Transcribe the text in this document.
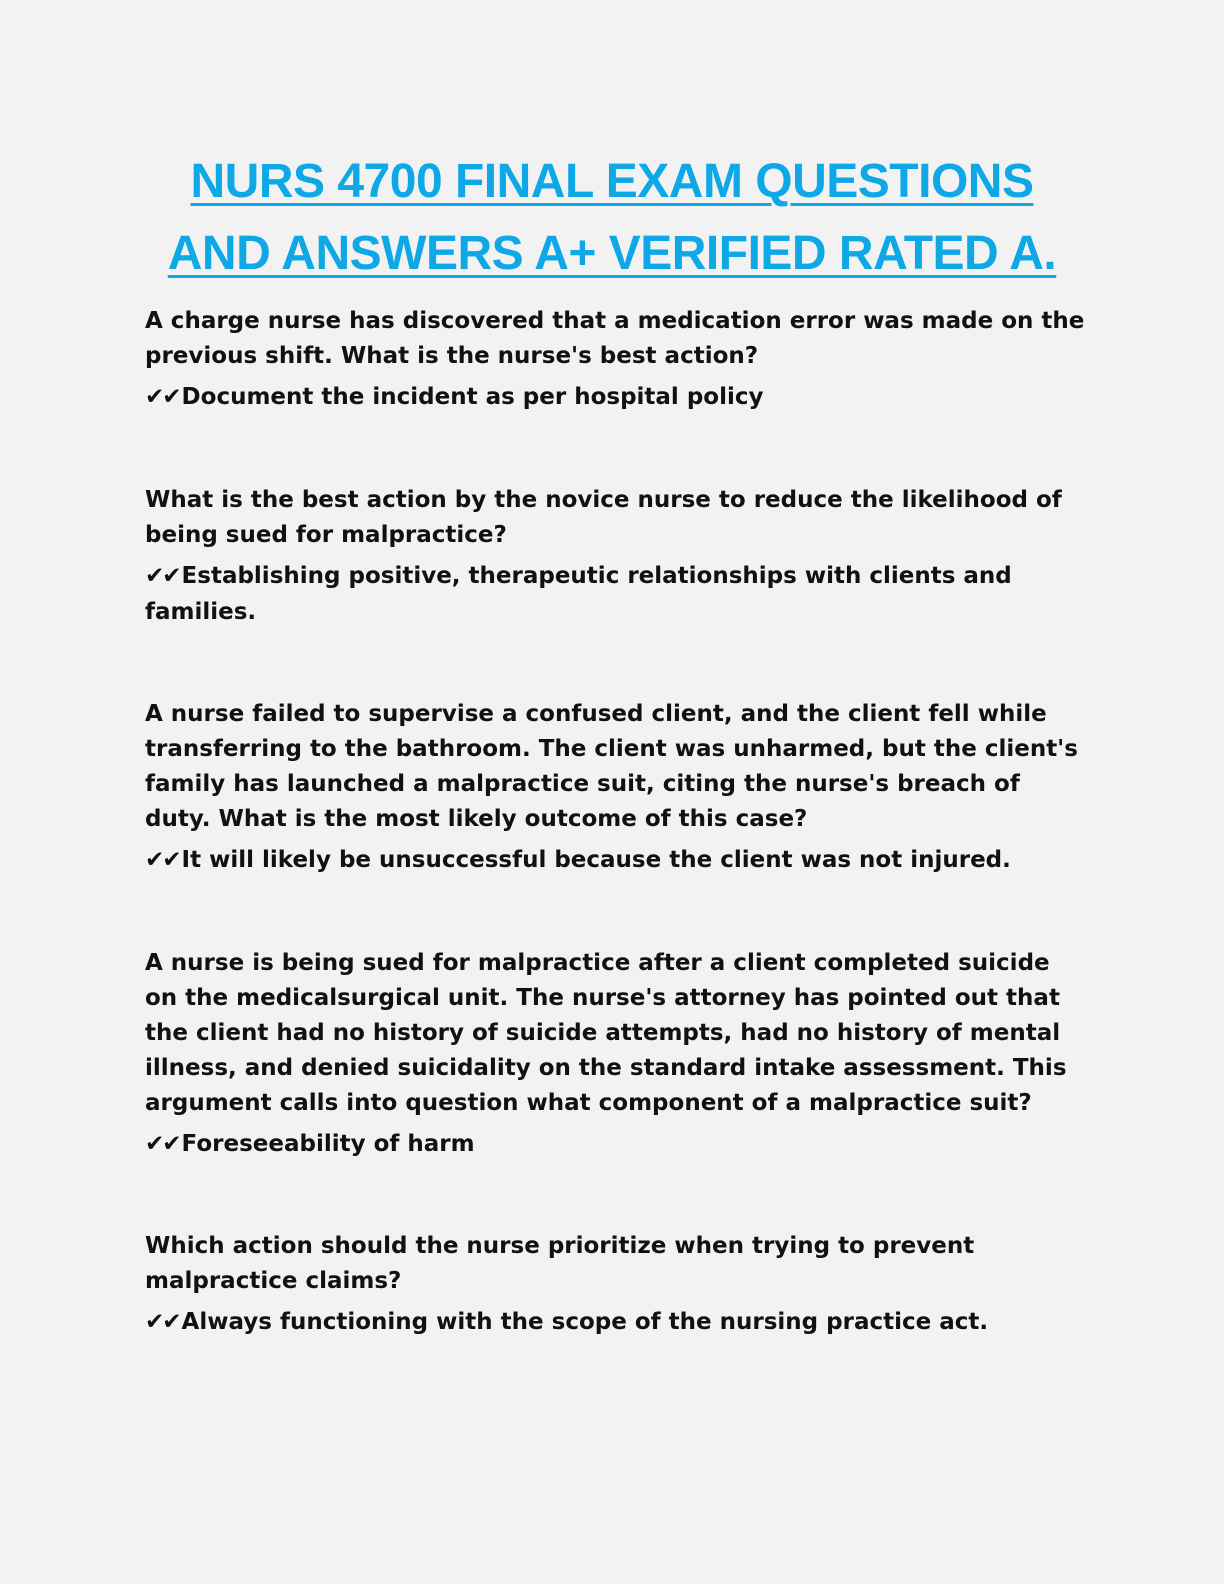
NURS 4700 FINAL EXAM QUESTIONS
AND ANSWERS A+ VERIFIED RATED A.

A charge nurse has discovered that a medication error was made on the previous shift. What is the nurse's best action?

✔✔Document the incident as per hospital policy

What is the best action by the novice nurse to reduce the likelihood of being sued for malpractice?

✔✔Establishing positive, therapeutic relationships with clients and families.

A nurse failed to supervise a confused client, and the client fell while transferring to the bathroom. The client was unharmed, but the client's family has launched a malpractice suit, citing the nurse's breach of duty. What is the most likely outcome of this case?

✔✔It will likely be unsuccessful because the client was not injured.

A nurse is being sued for malpractice after a client completed suicide on the medicalsurgical unit. The nurse's attorney has pointed out that the client had no history of suicide attempts, had no history of mental illness, and denied suicidality on the standard intake assessment. This argument calls into question what component of a malpractice suit?

✔✔Foreseeability of harm

Which action should the nurse prioritize when trying to prevent malpractice claims?

✔✔Always functioning with the scope of the nursing practice act.
